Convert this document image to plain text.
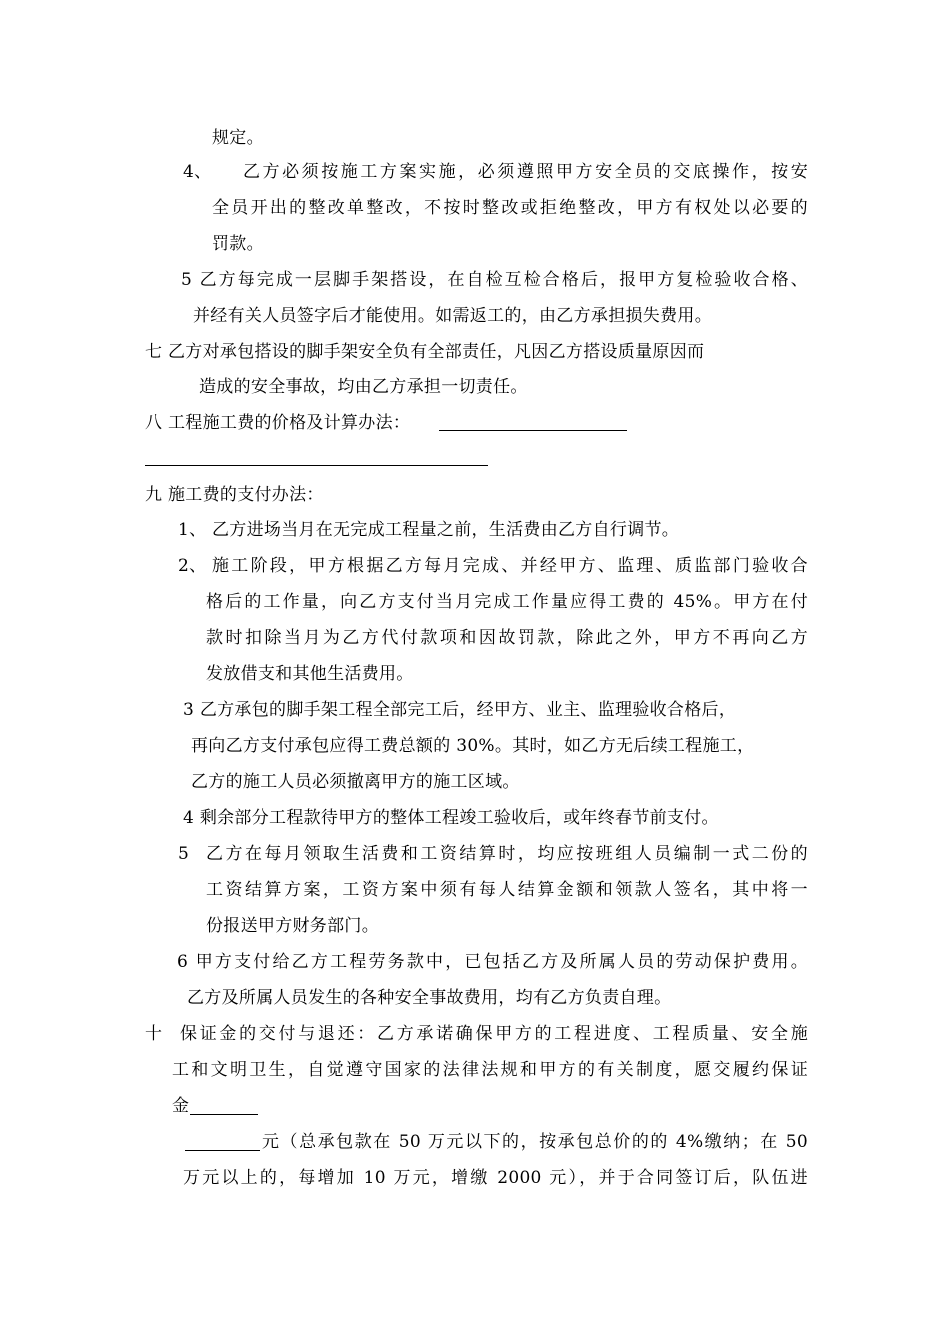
规定。
4、 乙方必须按施工方案实施，必须遵照甲方安全员的交底操作，按安
全员开出的整改单整改，不按时整改或拒绝整改，甲方有权处以必要的
罚款。
5 乙方每完成一层脚手架搭设，在自检互检合格后，报甲方复检验收合格、
并经有关人员签字后才能使用。如需返工的，由乙方承担损失费用。
七 乙方对承包搭设的脚手架安全负有全部责任，凡因乙方搭设质量原因而
造成的安全事故，均由乙方承担一切责任。
八 工程施工费的价格及计算办法：
九 施工费的支付办法：
1、 乙方进场当月在无完成工程量之前，生活费由乙方自行调节。
2、 施工阶段，甲方根据乙方每月完成、并经甲方、监理、质监部门验收合
格后的工作量，向乙方支付当月完成工作量应得工费的 45%。甲方在付
款时扣除当月为乙方代付款项和因故罚款，除此之外，甲方不再向乙方
发放借支和其他生活费用。
3 乙方承包的脚手架工程全部完工后，经甲方、业主、监理验收合格后，
再向乙方支付承包应得工费总额的 30%。其时，如乙方无后续工程施工，
乙方的施工人员必须撤离甲方的施工区域。
4 剩余部分工程款待甲方的整体工程竣工验收后，或年终春节前支付。
5 乙方在每月领取生活费和工资结算时，均应按班组人员编制一式二份的
工资结算方案，工资方案中须有每人结算金额和领款人签名，其中将一
份报送甲方财务部门。
6 甲方支付给乙方工程劳务款中，已包括乙方及所属人员的劳动保护费用。
乙方及所属人员发生的各种安全事故费用，均有乙方负责自理。
十 保证金的交付与退还：乙方承诺确保甲方的工程进度、工程质量、安全施
工和文明卫生，自觉遵守国家的法律法规和甲方的有关制度，愿交履约保证
金
元（总承包款在 50 万元以下的，按承包总价的的 4%缴纳；在 50
万元以上的，每增加 10 万元，增缴 2000 元），并于合同签订后，队伍进
